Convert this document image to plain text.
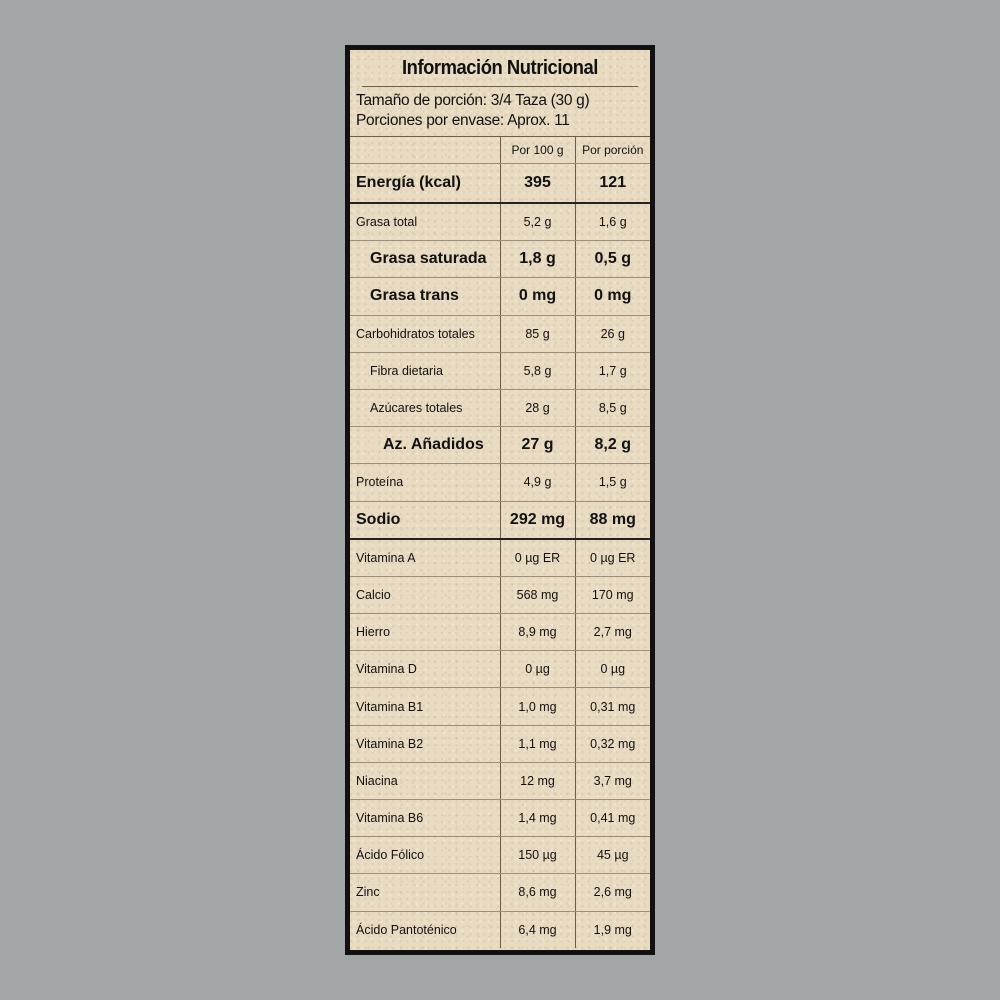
Información Nutricional
Tamaño de porción: 3/4 Taza (30 g)
Porciones por envase: Aprox. 11
	Por 100 g	Por porción
Energía (kcal)	395	121
Grasa total	5,2 g	1,6 g
Grasa saturada	1,8 g	0,5 g
Grasa trans	0 mg	0 mg
Carbohidratos totales	85 g	26 g
Fibra dietaria	5,8 g	1,7 g
Azúcares totales	28 g	8,5 g
Az. Añadidos	27 g	8,2 g
Proteína	4,9 g	1,5 g
Sodio	292 mg	88 mg
Vitamina A	0 µg ER	0 µg ER
Calcio	568 mg	170 mg
Hierro	8,9 mg	2,7 mg
Vitamina D	0 µg	0 µg
Vitamina B1	1,0 mg	0,31 mg
Vitamina B2	1,1 mg	0,32 mg
Niacina	12 mg	3,7 mg
Vitamina B6	1,4 mg	0,41 mg
Ácido Fólico	150 µg	45 µg
Zinc	8,6 mg	2,6 mg
Ácido Pantoténico	6,4 mg	1,9 mg
